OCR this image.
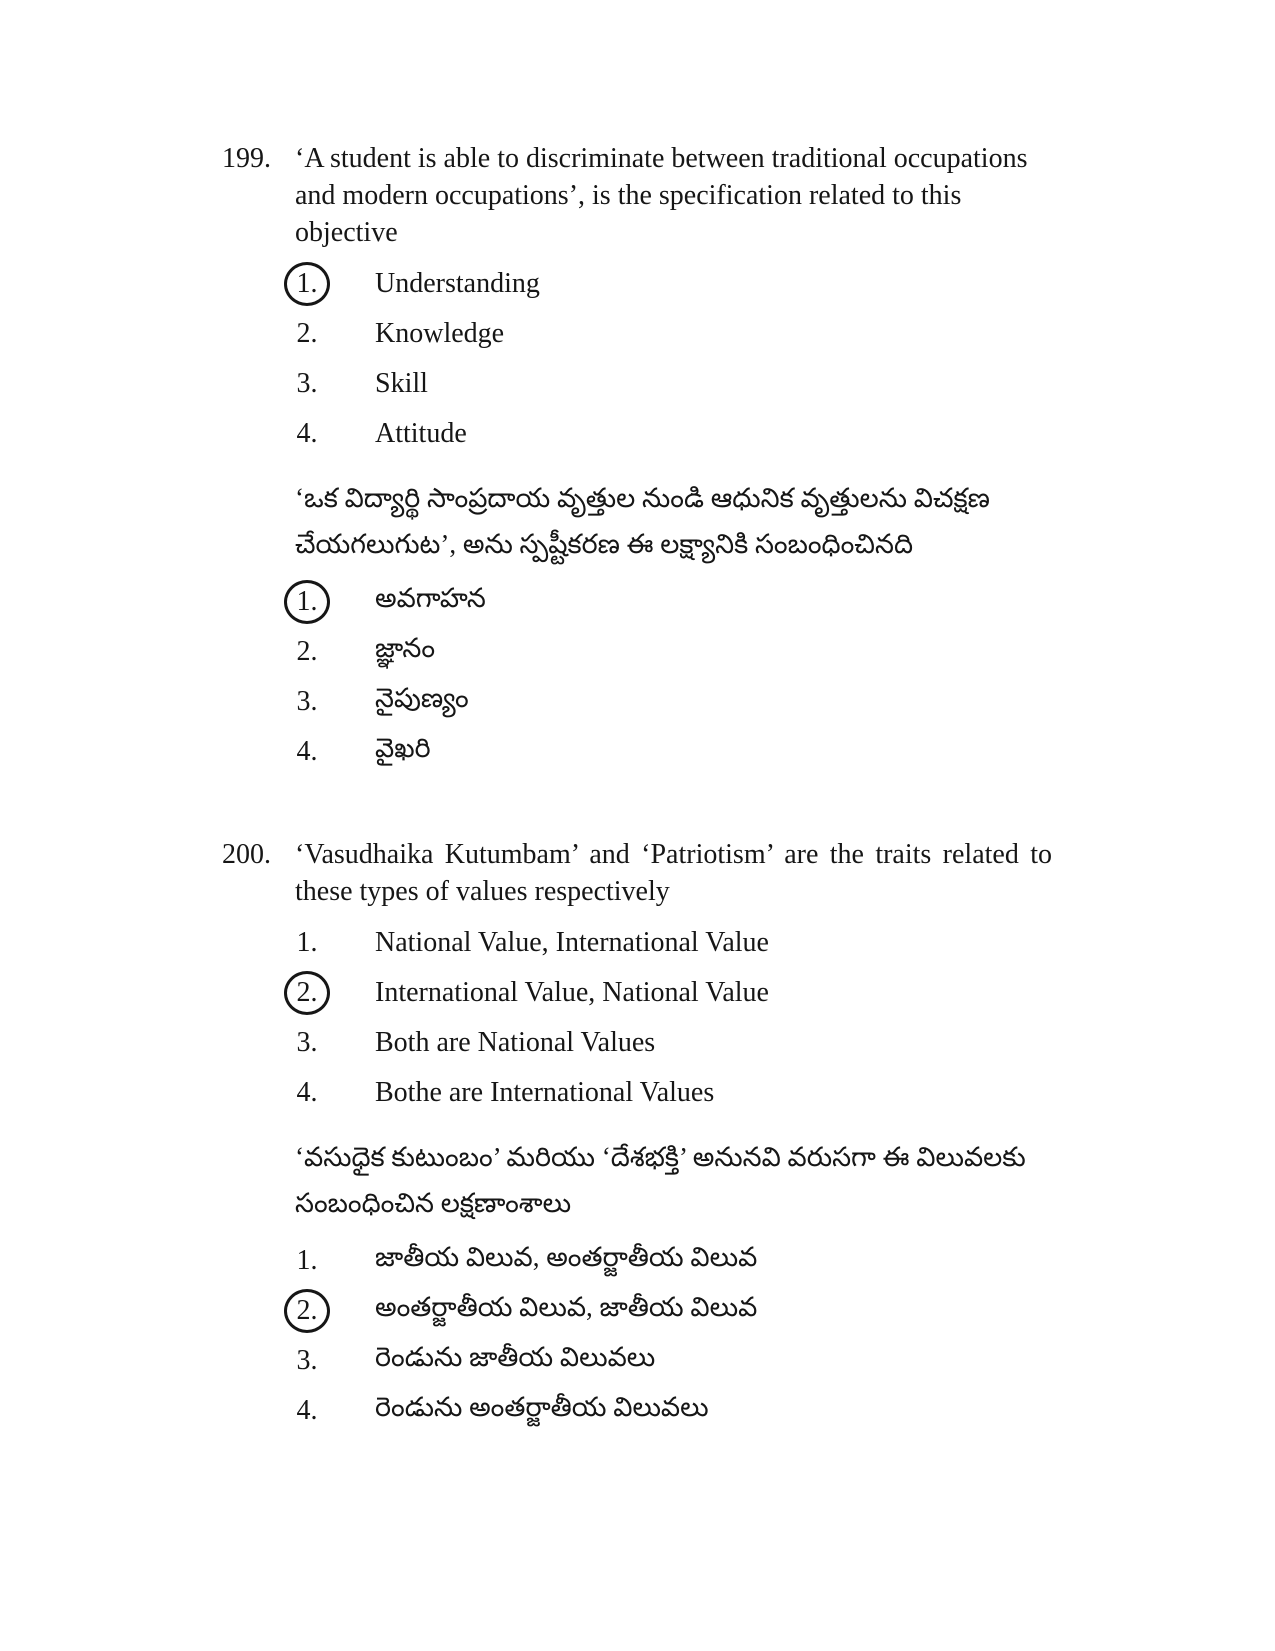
199. ‘A student is able to discriminate between traditional occupations
and modern occupations’, is the specification related to this
objective
1.	Understanding
2.	Knowledge
3.	Skill
4.	Attitude
‘ఒక విద్యార్థి సాంప్రదాయ వృత్తుల నుండి ఆధునిక వృత్తులను విచక్షణ
చేయగలుగుట’, అను స్పష్టీకరణ ఈ లక్ష్యానికి సంబంధించినది
1.	అవగాహన
2.	జ్ఞానం
3.	నైపుణ్యం
4.	వైఖరి
200. ‘Vasudhaika Kutumbam’ and ‘Patriotism’ are the traits related to
these types of values respectively
1.	National Value, International Value
2.	International Value, National Value
3.	Both are National Values
4.	Bothe are International Values
‘వసుధైక కుటుంబం’ మరియు ‘దేశభక్తి’ అనునవి వరుసగా ఈ విలువలకు
సంబంధించిన లక్షణాంశాలు
1.	జాతీయ విలువ, అంతర్జాతీయ విలువ
2.	అంతర్జాతీయ విలువ, జాతీయ విలువ
3.	రెండును జాతీయ విలువలు
4.	రెండును అంతర్జాతీయ విలువలు
